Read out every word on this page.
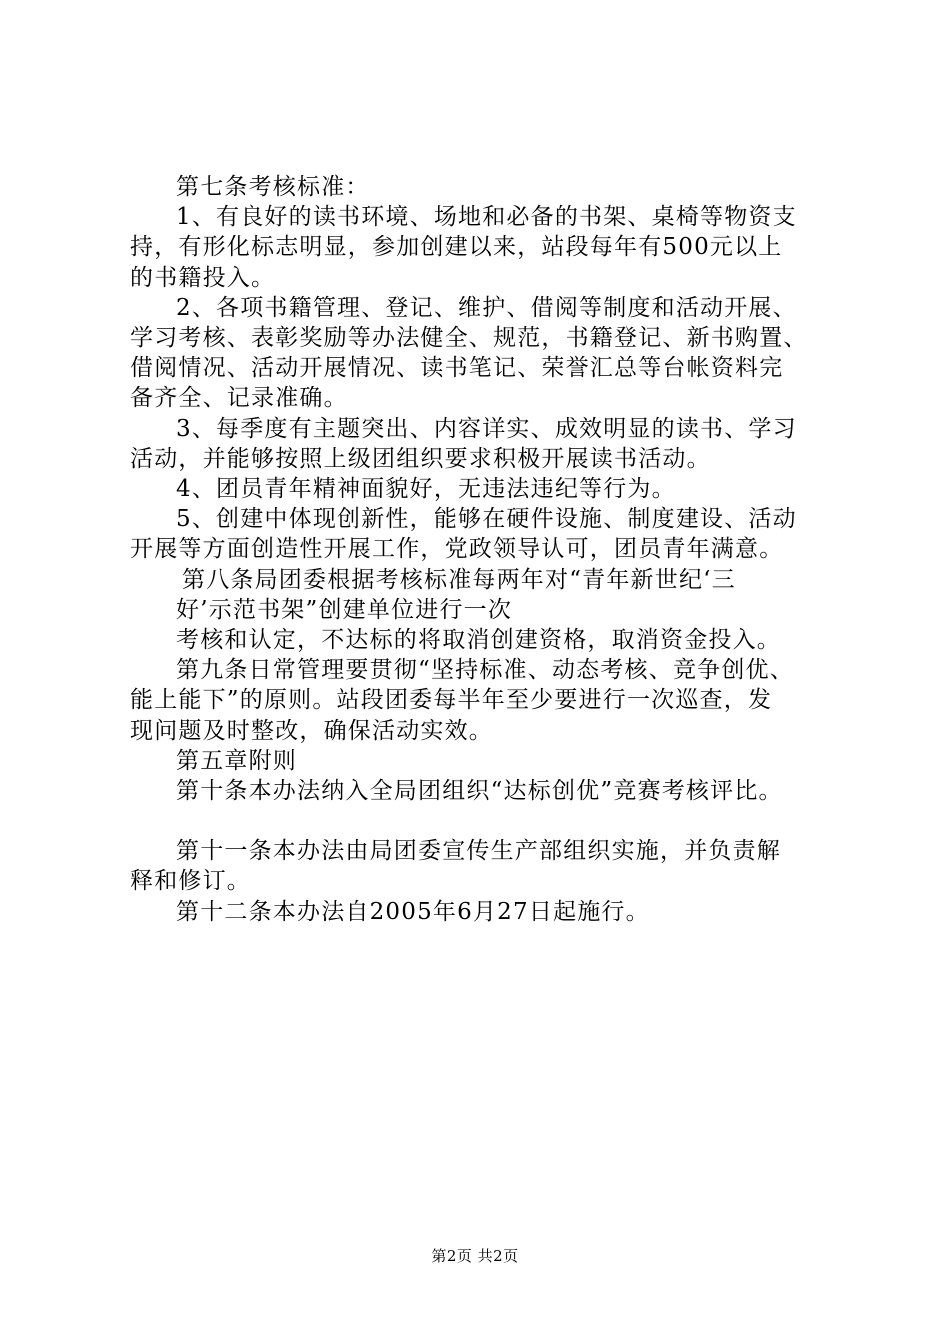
第七条考核标准：
1、有良好的读书环境、场地和必备的书架、桌椅等物资支
持，有形化标志明显，参加创建以来，站段每年有500元以上
的书籍投入。
2、各项书籍管理、登记、维护、借阅等制度和活动开展、
学习考核、表彰奖励等办法健全、规范，书籍登记、新书购置、
借阅情况、活动开展情况、读书笔记、荣誉汇总等台帐资料完
备齐全、记录准确。
3、每季度有主题突出、内容详实、成效明显的读书、学习
活动，并能够按照上级团组织要求积极开展读书活动。
4、团员青年精神面貌好，无违法违纪等行为。
5、创建中体现创新性，能够在硬件设施、制度建设、活动
开展等方面创造性开展工作，党政领导认可，团员青年满意。
第八条局团委根据考核标准每两年对“青年新世纪‘三
好’示范书架”创建单位进行一次
考核和认定，不达标的将取消创建资格，取消资金投入。
第九条日常管理要贯彻“坚持标准、动态考核、竞争创优、
能上能下”的原则。站段团委每半年至少要进行一次巡查，发
现问题及时整改，确保活动实效。
第五章附则
第十条本办法纳入全局团组织“达标创优”竞赛考核评比。
第十一条本办法由局团委宣传生产部组织实施，并负责解
释和修订。
第十二条本办法自2005年6月27日起施行。
第2页 共2页
